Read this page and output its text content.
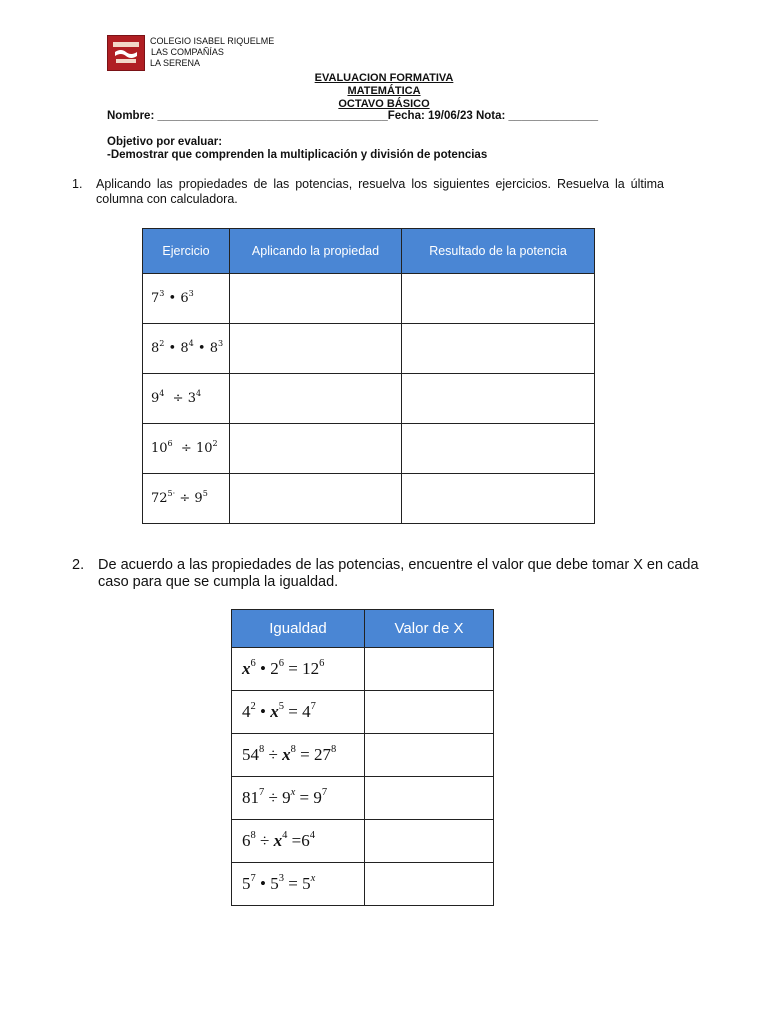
COLEGIO ISABEL RIQUELME
LAS COMPAÑÍAS
LA SERENA
EVALUACION FORMATIVA
MATEMÁTICA
OCTAVO BÁSICO
Nombre: ____________________________________Fecha: 19/06/23 Nota: ______________
Objetivo por evaluar:
-Demostrar que comprenden la multiplicación y división de potencias
1. Aplicando las propiedades de las potencias, resuelva los siguientes ejercicios. Resuelva la última columna con calculadora.
Ejercicio	Aplicando la propiedad	Resultado de la potencia
$7^3$ • $6^3$		
$8^2$ • $8^4$ • $8^3$		
$9^4 \div 3^4$		
$10^6 \div 10^2$		
$72^{5\cdot} \div 9^5$		
2. De acuerdo a las propiedades de las potencias, encuentre el valor que debe tomar X en cada caso para que se cumpla la igualdad.
Igualdad	Valor de X
$x^6$ • $2^6 = 12^6$	
$4^2$ • $x^5 = 4^7$	
$54^8 \div x^8 = 27^8$	
$81^7 \div 9^x = 9^7$	
$6^8 \div x^4 =6^4$	
$5^7$ • $5^3 = 5^x$	
